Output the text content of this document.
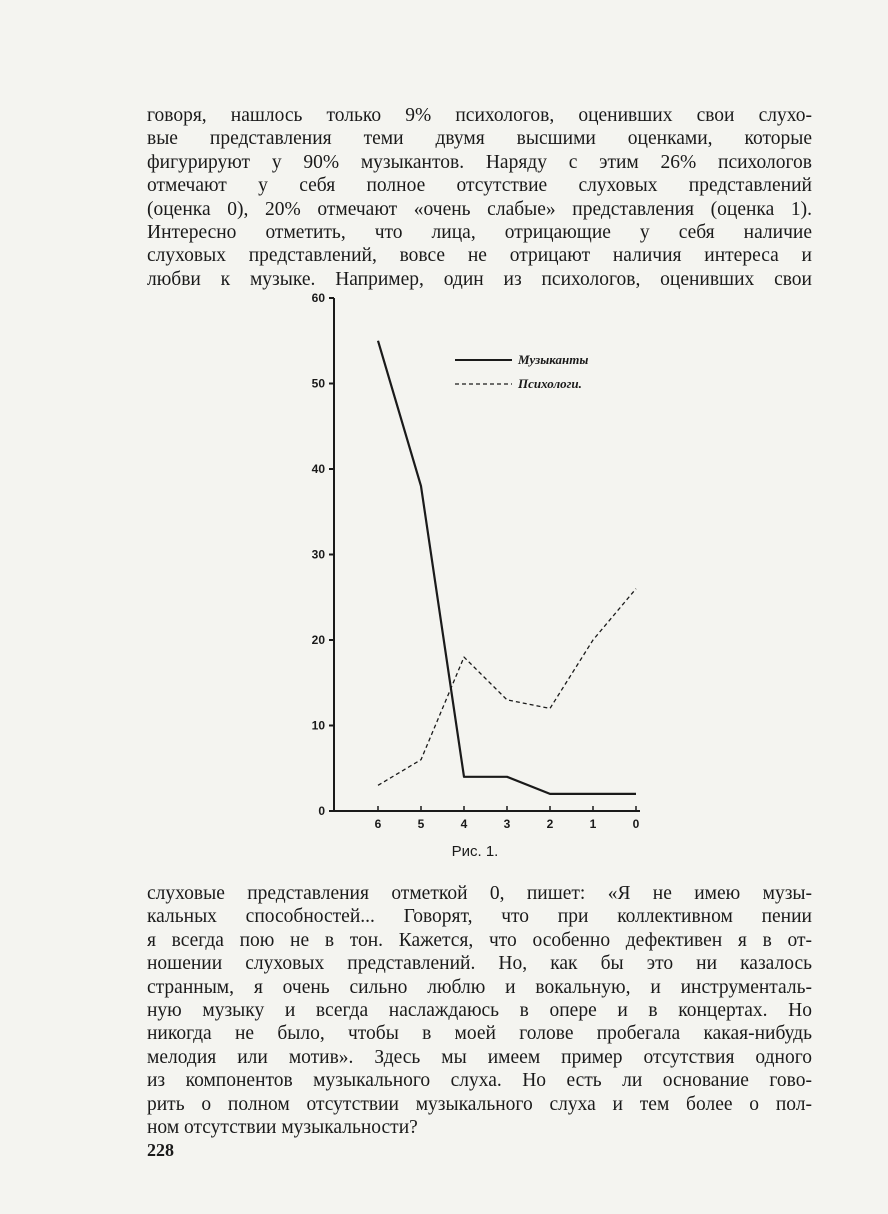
говоря, нашлось только 9% психологов, оценивших свои слухо-
вые представления теми двумя высшими оценками, которые
фигурируют у 90% музыкантов. Наряду с этим 26% психологов
отмечают у себя полное отсутствие слуховых представлений
(оценка 0), 20% отмечают «очень слабые» представления (оценка 1).
Интересно отметить, что лица, отрицающие у себя наличие
слуховых представлений, вовсе не отрицают наличия интереса и
любви к музыке. Например, один из психологов, оценивших свои

0
10
20
30
40
50
60
6	5	4	3	2	1	0
Музыканты
Психологи.
Рис. 1.

слуховые представления отметкой 0, пишет: «Я не имею музы-
кальных способностей... Говорят, что при коллективном пении
я всегда пою не в тон. Кажется, что особенно дефективен я в от-
ношении слуховых представлений. Но, как бы это ни казалось
странным, я очень сильно люблю и вокальную, и инструменталь-
ную музыку и всегда наслаждаюсь в опере и в концертах. Но
никогда не было, чтобы в моей голове пробегала какая-нибудь
мелодия или мотив». Здесь мы имеем пример отсутствия одного
из компонентов музыкального слуха. Но есть ли основание гово-
рить о полном отсутствии музыкального слуха и тем более о пол-
ном отсутствии музыкальности?

228
